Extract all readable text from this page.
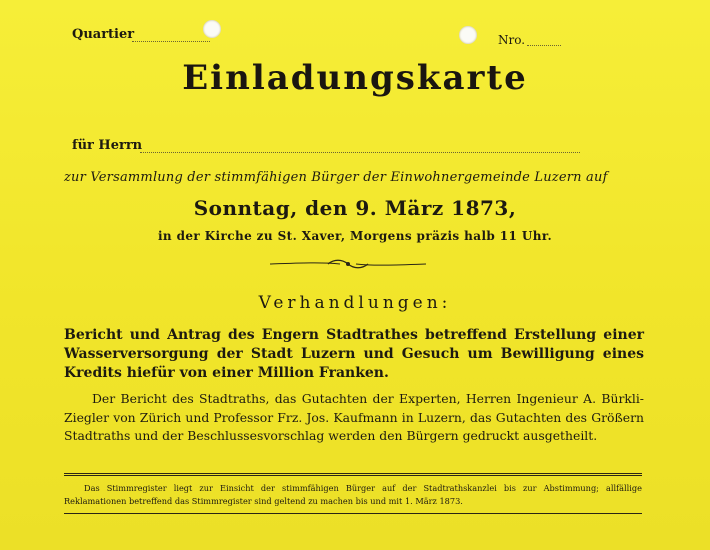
Quartier	Nro.
Einladungskarte
für Herrn
zur Versammlung der stimmfähigen Bürger der Einwohnergemeinde Luzern auf
Sonntag, den 9. März 1873,
in der Kirche zu St. Xaver, Morgens präzis halb 11 Uhr.
Verhandlungen:
Bericht und Antrag des Engern Stadtrathes betreffend Erstellung einer Wasserversorgung der Stadt Luzern und Gesuch um Bewilligung eines Kredits hiefür von einer Million Franken.
Der Bericht des Stadtraths, das Gutachten der Experten, Herren Ingenieur A. Bürkli-Ziegler von Zürich und Professor Frz. Jos. Kaufmann in Luzern, das Gutachten des Größern Stadtraths und der Beschlussesvorschlag werden den Bürgern gedruckt ausgetheilt.
Das Stimmregister liegt zur Einsicht der stimmfähigen Bürger auf der Stadtrathskanzlei bis zur Abstimmung; allfällige Reklamationen betreffend das Stimmregister sind geltend zu machen bis und mit 1. März 1873.
